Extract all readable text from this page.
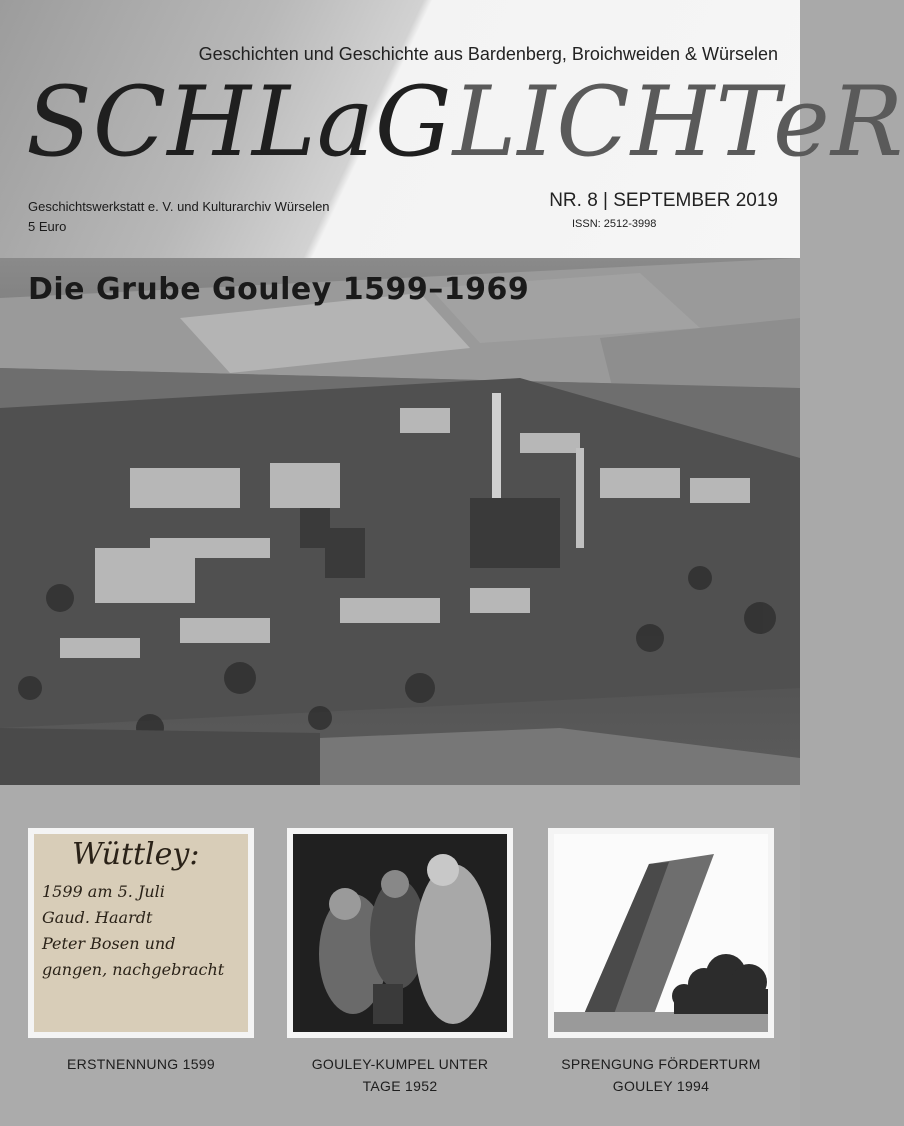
Geschichten und Geschichte aus Bardenberg, Broichweiden & Würselen
SCHLaGLICHTeR
Geschichtswerkstatt e. V. und Kulturarchiv Würselen
5 Euro
NR. 8 | SEPTEMBER 2019
ISSN: 2512-3998
Die Grube Gouley 1599–1969
Wüttley:
1599 am 5. Juli
Gaud. Haardt
Peter Bosen und
gangen, nachgebracht
ERSTNENNUNG 1599	GOULEY-KUMPEL UNTER
TAGE 1952
SPRENGUNG FÖRDERTURM
GOULEY 1994
